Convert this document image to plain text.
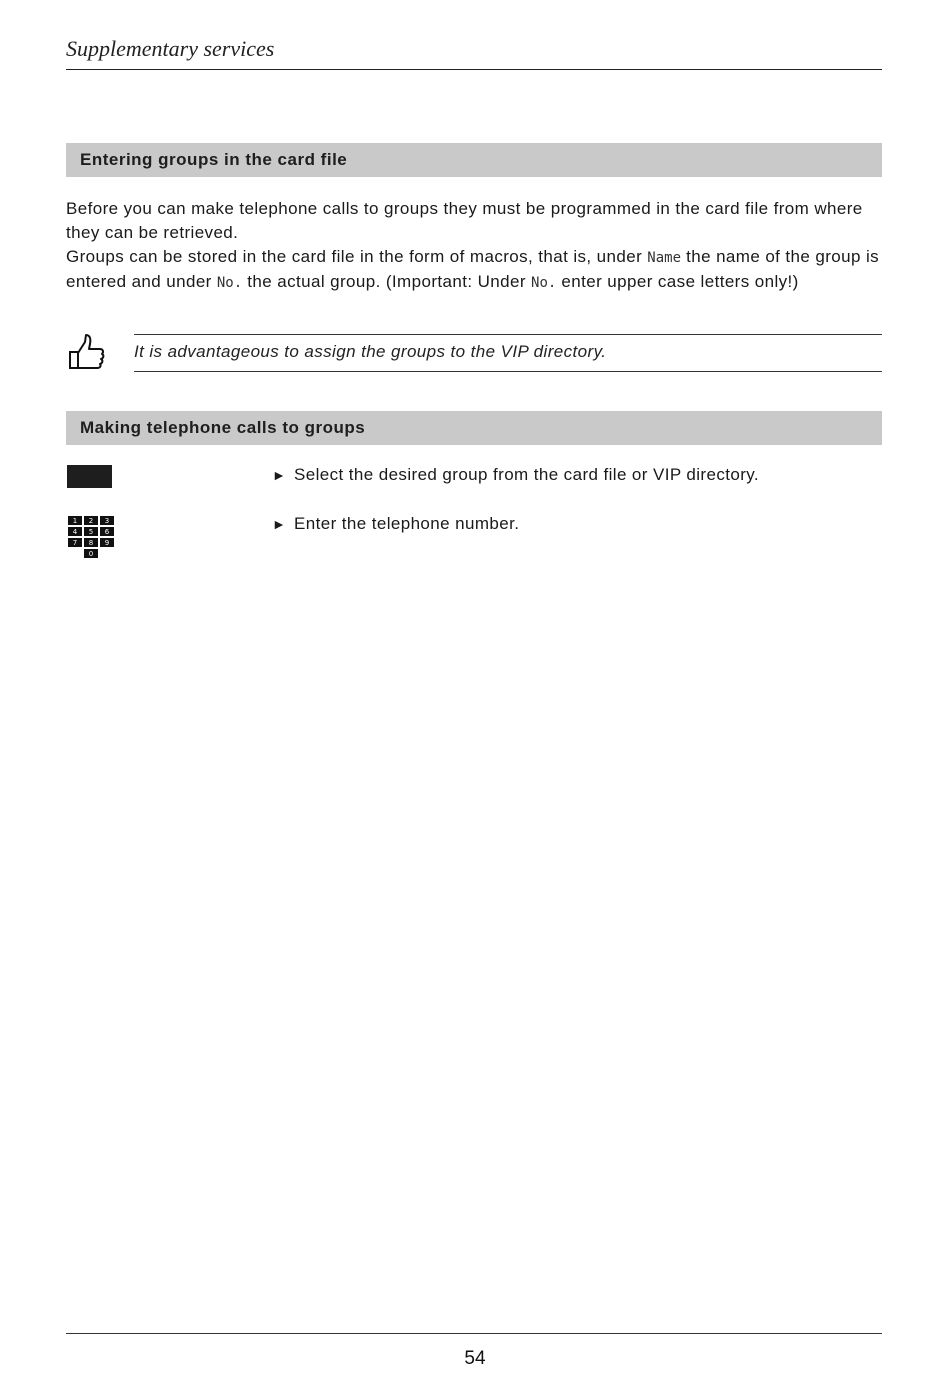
Supplementary services
Entering groups in the card file

Before you can make telephone calls to groups they must be programmed in the card file from where they can be retrieved.

Groups can be stored in the card file in the form of macros, that is, under Name the name of the group is entered and under No. the actual group. (Important: Under No. enter upper case letters only!)

It is advantageous to assign the groups to the VIP directory.
Making telephone calls to groups
► Select the desired group from the card file or VIP directory.
1 2 3
4 5 6
7 8 9
0
► Enter the telephone number.
54
